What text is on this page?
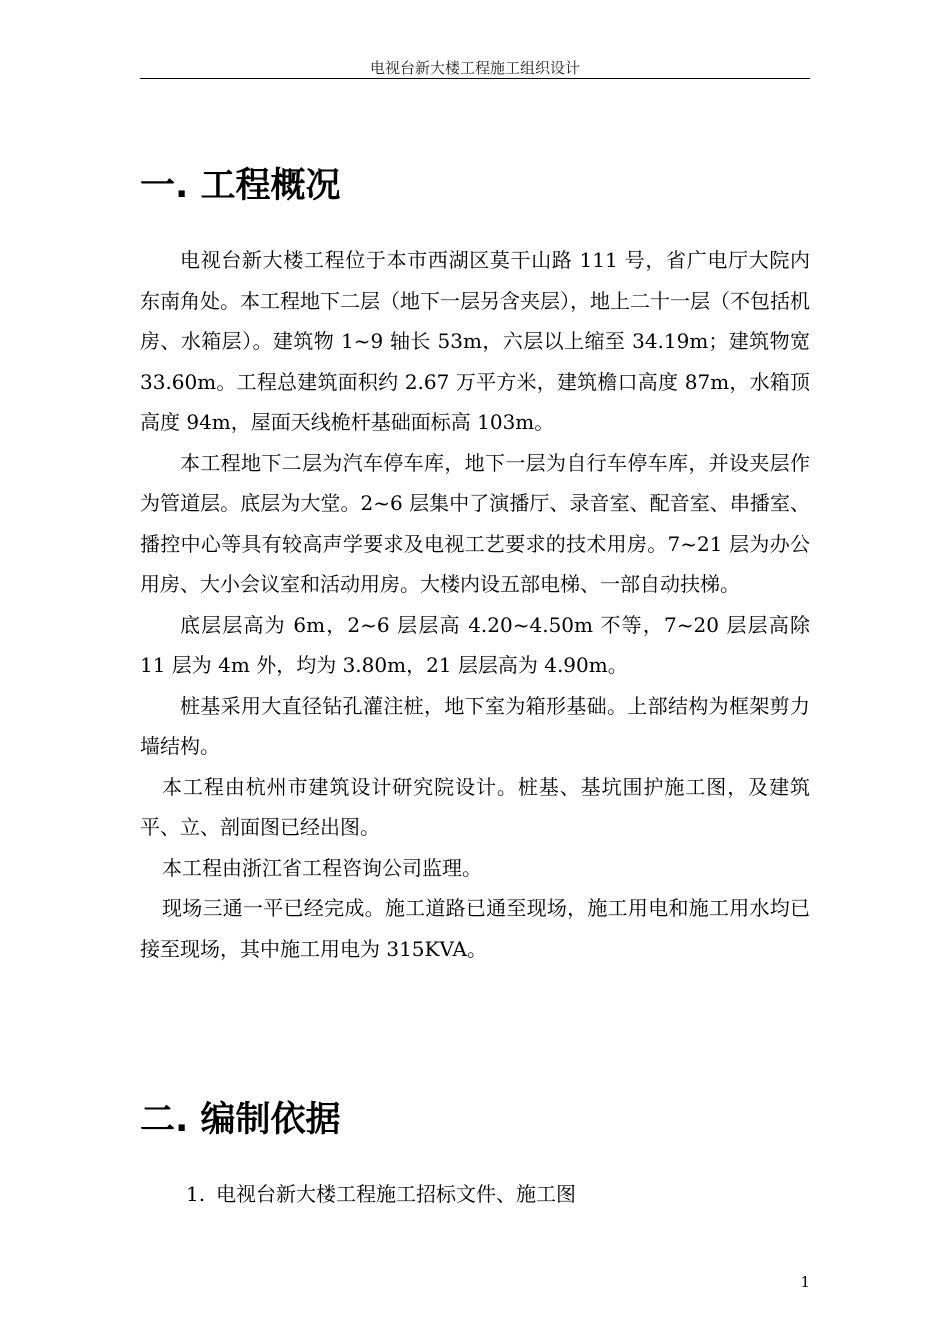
电视台新大楼工程施工组织设计
一. 工程概况

电视台新大楼工程位于本市西湖区莫干山路 111 号，省广电厅大院内东南角处。本工程地下二层（地下一层另含夹层），地上二十一层（不包括机房、水箱层）。建筑物 1~9 轴长 53m，六层以上缩至 34.19m；建筑物宽 33.60m。工程总建筑面积约 2.67 万平方米，建筑檐口高度 87m，水箱顶高度 94m，屋面天线桅杆基础面标高 103m。

本工程地下二层为汽车停车库，地下一层为自行车停车库，并设夹层作为管道层。底层为大堂。2~6 层集中了演播厅、录音室、配音室、串播室、播控中心等具有较高声学要求及电视工艺要求的技术用房。7~21 层为办公用房、大小会议室和活动用房。大楼内设五部电梯、一部自动扶梯。

底层层高为 6m，2~6 层层高 4.20~4.50m 不等，7~20 层层高除 11 层为 4m 外，均为 3.80m，21 层层高为 4.90m。

桩基采用大直径钻孔灌注桩，地下室为箱形基础。上部结构为框架剪力墙结构。

本工程由杭州市建筑设计研究院设计。桩基、基坑围护施工图，及建筑平、立、剖面图已经出图。

本工程由浙江省工程咨询公司监理。

现场三通一平已经完成。施工道路已通至现场，施工用电和施工用水均已接至现场，其中施工用电为 315KVA。

二. 编制依据
1. 电视台新大楼工程施工招标文件、施工图
1
